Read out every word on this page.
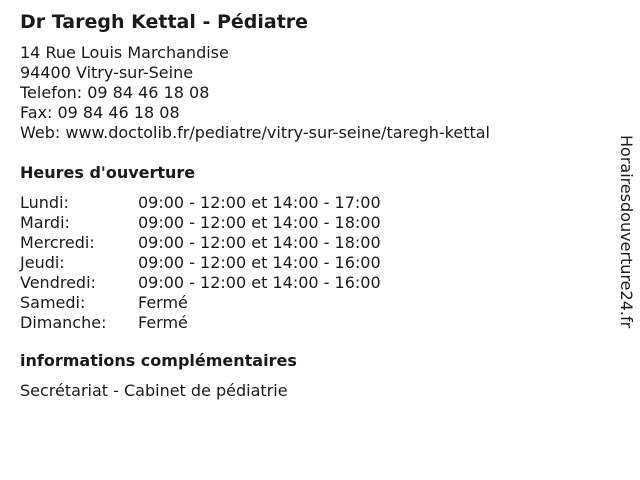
Dr Taregh Kettal - Pédiatre
14 Rue Louis Marchandise
94400 Vitry-sur-Seine
Telefon: 09 84 46 18 08
Fax: 09 84 46 18 08
Web: www.doctolib.fr/pediatre/vitry-sur-seine/taregh-kettal
Heures d'ouverture
Lundi:	09:00 - 12:00 et 14:00 - 17:00
Mardi:	09:00 - 12:00 et 14:00 - 18:00
Mercredi:	09:00 - 12:00 et 14:00 - 18:00
Jeudi:	09:00 - 12:00 et 14:00 - 16:00
Vendredi:	09:00 - 12:00 et 14:00 - 16:00
Samedi:	Fermé
Dimanche:	Fermé
informations complémentaires
Secrétariat - Cabinet de pédiatrie
Horairesdouverture24.fr
